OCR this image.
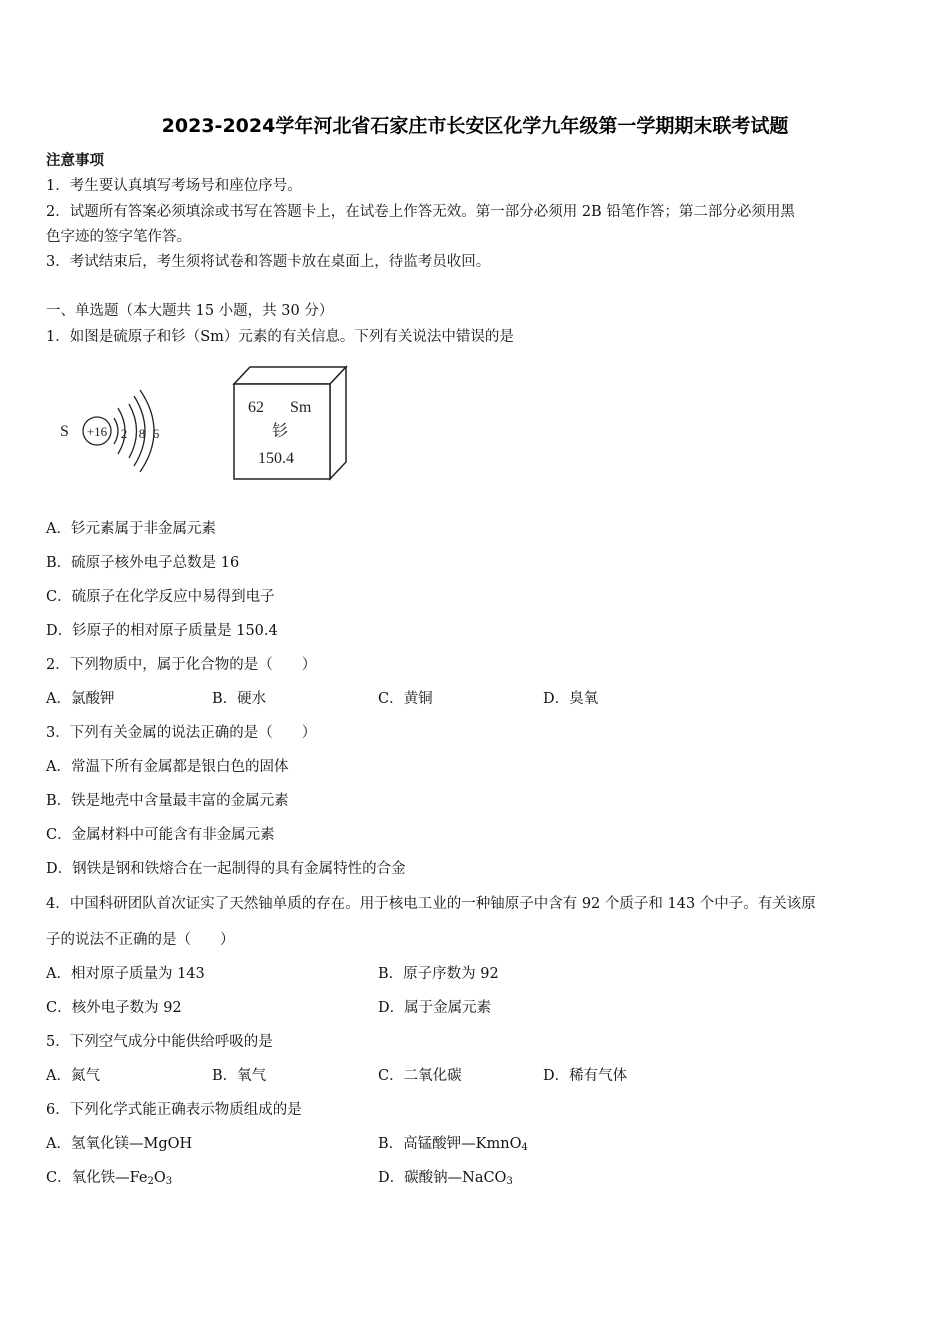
2023-2024学年河北省石家庄市长安区化学九年级第一学期期末联考试题
注意事项
1．考生要认真填写考场号和座位序号。
2．试题所有答案必须填涂或书写在答题卡上，在试卷上作答无效。第一部分必须用 2B 铅笔作答；第二部分必须用黑
色字迹的签字笔作答。
3．考试结束后，考生须将试卷和答题卡放在桌面上，待监考员收回。
一、单选题（本大题共 15 小题，共 30 分）
1．如图是硫原子和钐（Sm）元素的有关信息。下列有关说法中错误的是
S +16 2 8 6
62 Sm
钐
150.4
A．钐元素属于非金属元素
B．硫原子核外电子总数是 16
C．硫原子在化学反应中易得到电子
D．钐原子的相对原子质量是 150.4
2．下列物质中，属于化合物的是（　　）
A．氯酸钾	B．硬水	C．黄铜	D．臭氧
3．下列有关金属的说法正确的是（　　）
A．常温下所有金属都是银白色的固体
B．铁是地壳中含量最丰富的金属元素
C．金属材料中可能含有非金属元素
D．钢铁是钢和铁熔合在一起制得的具有金属特性的合金
4．中国科研团队首次证实了天然铀单质的存在。用于核电工业的一种铀原子中含有 92 个质子和 143 个中子。有关该原
子的说法不正确的是（　　）
A．相对原子质量为 143	B．原子序数为 92
C．核外电子数为 92	D．属于金属元素
5．下列空气成分中能供给呼吸的是
A．氮气	B．氧气	C．二氧化碳	D．稀有气体
6．下列化学式能正确表示物质组成的是
A．氢氧化镁—MgOH	B．高锰酸钾—KmnO$_4$
C．氧化铁$—Fe_2O_3$	D．碳酸钠—NaCO$_3$
